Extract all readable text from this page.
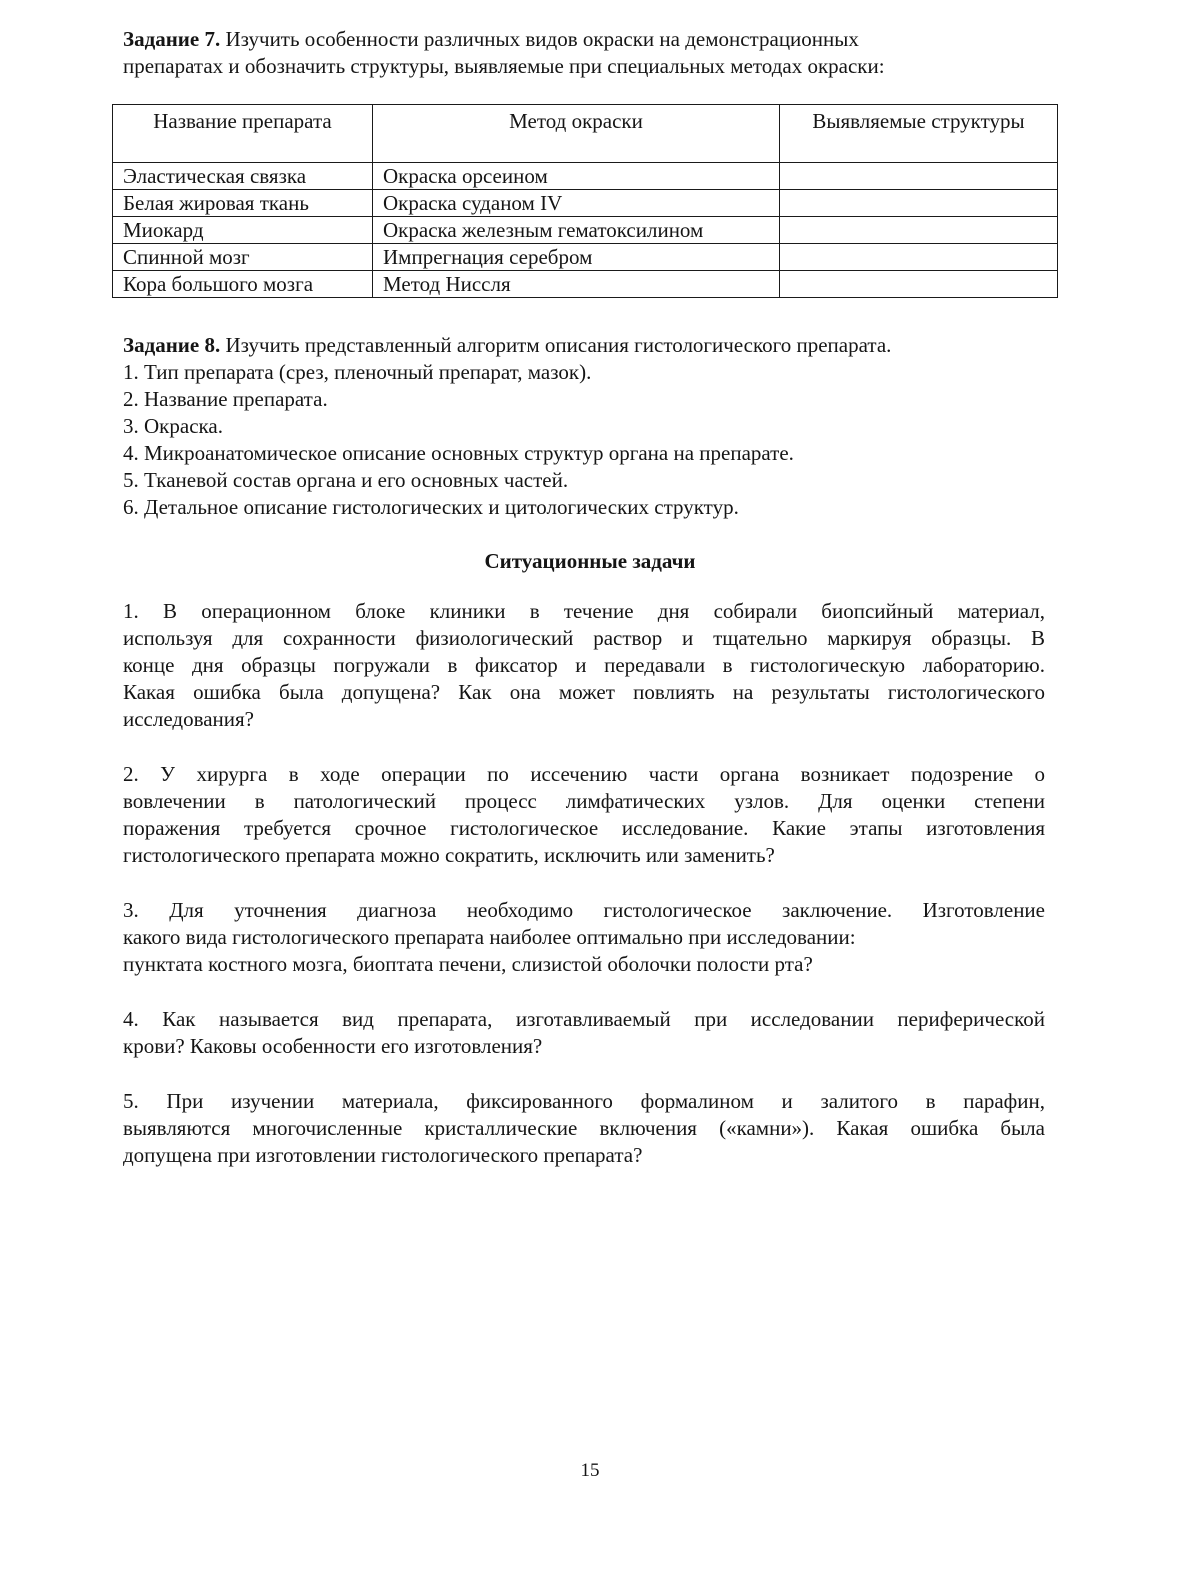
Задание 7. Изучить особенности различных видов окраски на демонстрационных
препаратах и обозначить структуры, выявляемые при специальных методах окраски:
Название препарата	Метод окраски	Выявляемые структуры
Эластическая связка	Окраска орсеином	
Белая жировая ткань	Окраска суданом IV	
Миокард	Окраска железным гематоксилином	
Спинной мозг	Импрегнация серебром	
Кора большого мозга	Метод Ниссля	
Задание 8. Изучить представленный алгоритм описания гистологического препарата.
1. Тип препарата (срез, пленочный препарат, мазок).
2. Название препарата.
3. Окраска.
4. Микроанатомическое описание основных структур органа на препарате.
5. Тканевой состав органа и его основных частей.
6. Детальное описание гистологических и цитологических структур.
Ситуационные задачи
1. В операционном блоке клиники в течение дня собирали биопсийный материал,
используя для сохранности физиологический раствор и тщательно маркируя образцы. В
конце дня образцы погружали в фиксатор и передавали в гистологическую лабораторию.
Какая ошибка была допущена? Как она может повлиять на результаты гистологического
исследования?
2. У хирурга в ходе операции по иссечению части органа возникает подозрение о
вовлечении в патологический процесс лимфатических узлов. Для оценки степени
поражения требуется срочное гистологическое исследование. Какие этапы изготовления
гистологического препарата можно сократить, исключить или заменить?
3. Для уточнения диагноза необходимо гистологическое заключение. Изготовление
какого вида гистологического препарата наиболее оптимально при исследовании:
пунктата костного мозга, биоптата печени, слизистой оболочки полости рта?
4. Как называется вид препарата, изготавливаемый при исследовании периферической
крови? Каковы особенности его изготовления?
5. При изучении материала, фиксированного формалином и залитого в парафин,
выявляются многочисленные кристаллические включения («камни»). Какая ошибка была
допущена при изготовлении гистологического препарата?
15
